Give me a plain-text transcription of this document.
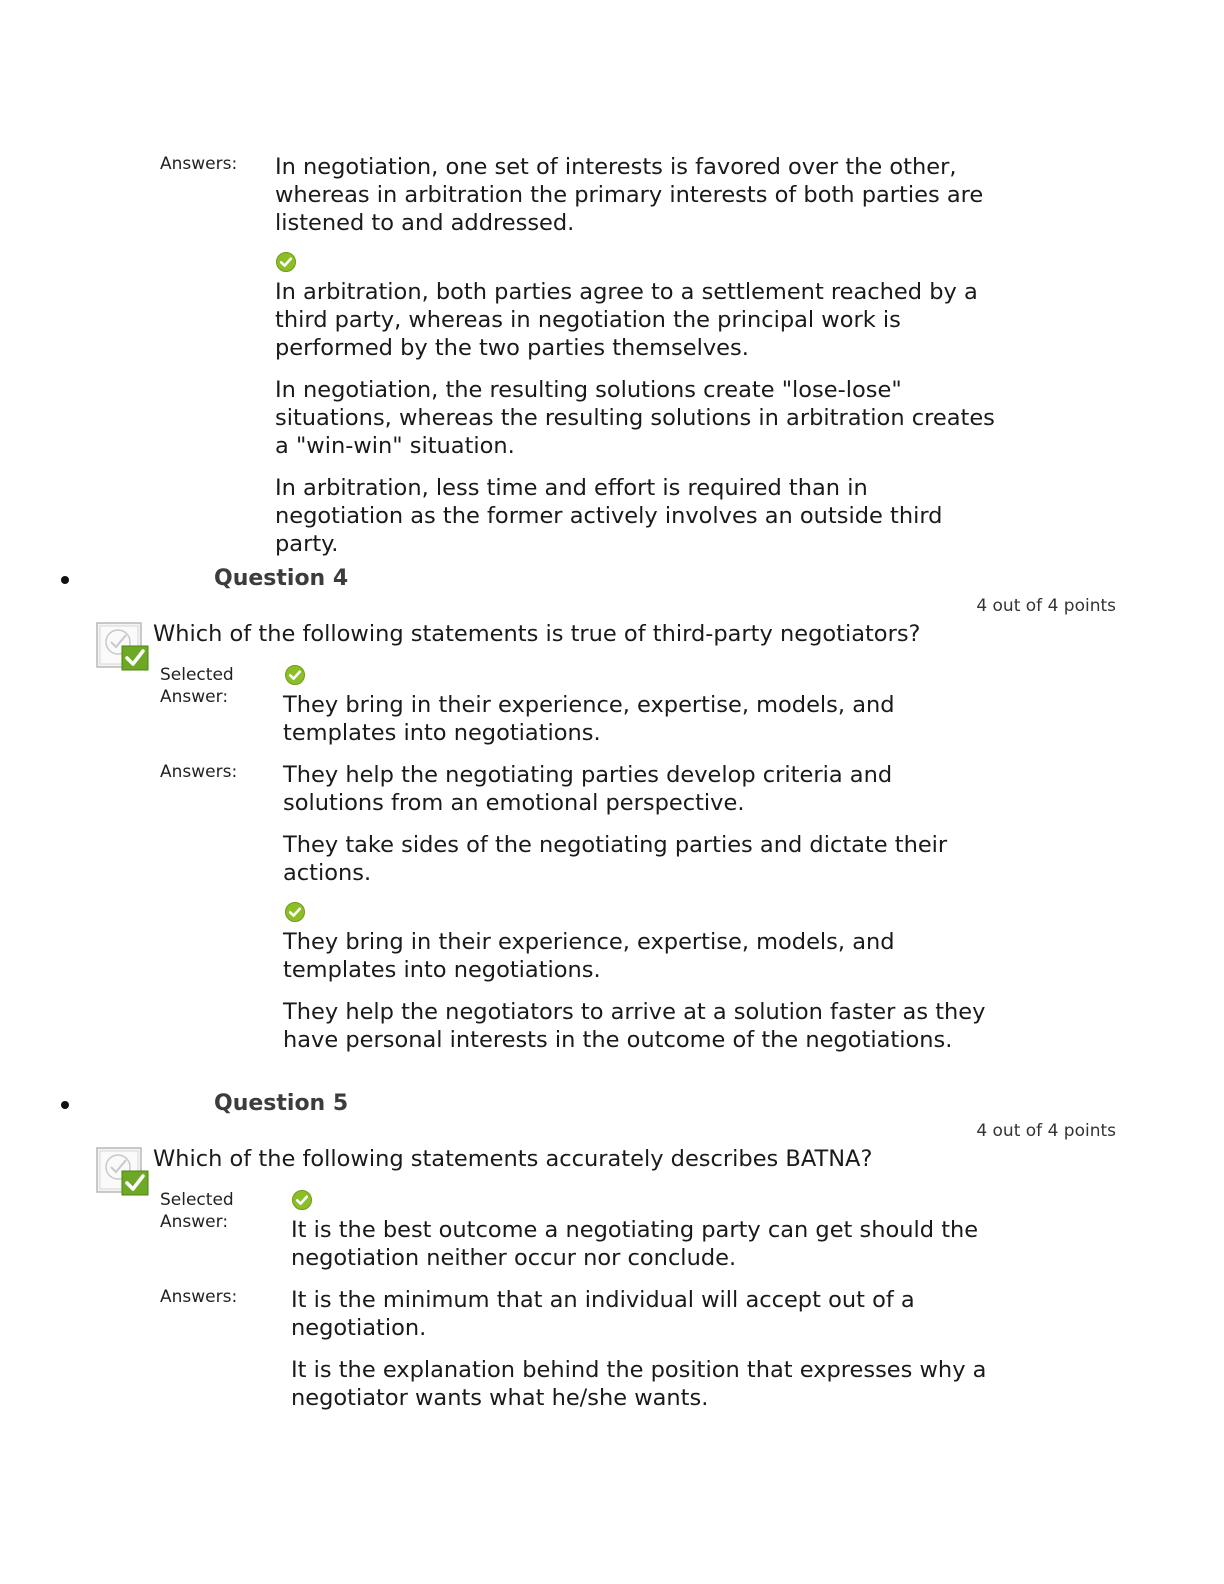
Answers: In negotiation, one set of interests is favored over the other, whereas in arbitration the primary interests of both parties are listened to and addressed.
In arbitration, both parties agree to a settlement reached by a third party, whereas in negotiation the principal work is performed by the two parties themselves.
In negotiation, the resulting solutions create "lose-lose" situations, whereas the resulting solutions in arbitration creates a "win-win" situation.
In arbitration, less time and effort is required than in negotiation as the former actively involves an outside third party.
Question 4
4 out of 4 points
Which of the following statements is true of third-party negotiators?
Selected Answer:	They bring in their experience, expertise, models, and templates into negotiations.
Answers: They help the negotiating parties develop criteria and solutions from an emotional perspective.
They take sides of the negotiating parties and dictate their actions.
They bring in their experience, expertise, models, and templates into negotiations.
They help the negotiators to arrive at a solution faster as they have personal interests in the outcome of the negotiations.
Question 5
4 out of 4 points
Which of the following statements accurately describes BATNA?
Selected Answer:	It is the best outcome a negotiating party can get should the negotiation neither occur nor conclude.
Answers: It is the minimum that an individual will accept out of a negotiation.
It is the explanation behind the position that expresses why a negotiator wants what he/she wants.
